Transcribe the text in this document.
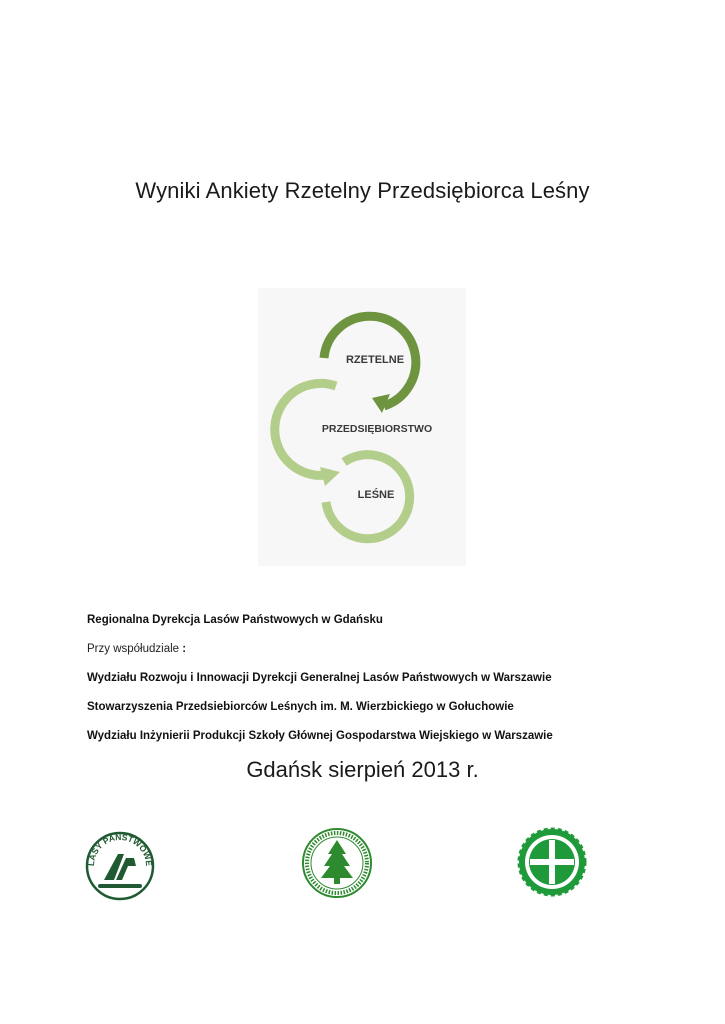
Wyniki Ankiety Rzetelny Przedsiębiorca Leśny
RZETELNE
PRZEDSIĘBIORSTWO
LEŚNE
Regionalna Dyrekcja Lasów Państwowych w Gdańsku
Przy współudziale :
Wydziału Rozwoju i Innowacji Dyrekcji Generalnej Lasów Państwowych w Warszawie
Stowarzyszenia Przedsiebiorców Leśnych im. M. Wierzbickiego w Gołuchowie
Wydziału Inżynierii Produkcji Szkoły Głównej Gospodarstwa Wiejskiego w Warszawie
Gdańsk sierpień 2013 r.
LASY PAŃSTWOWE
